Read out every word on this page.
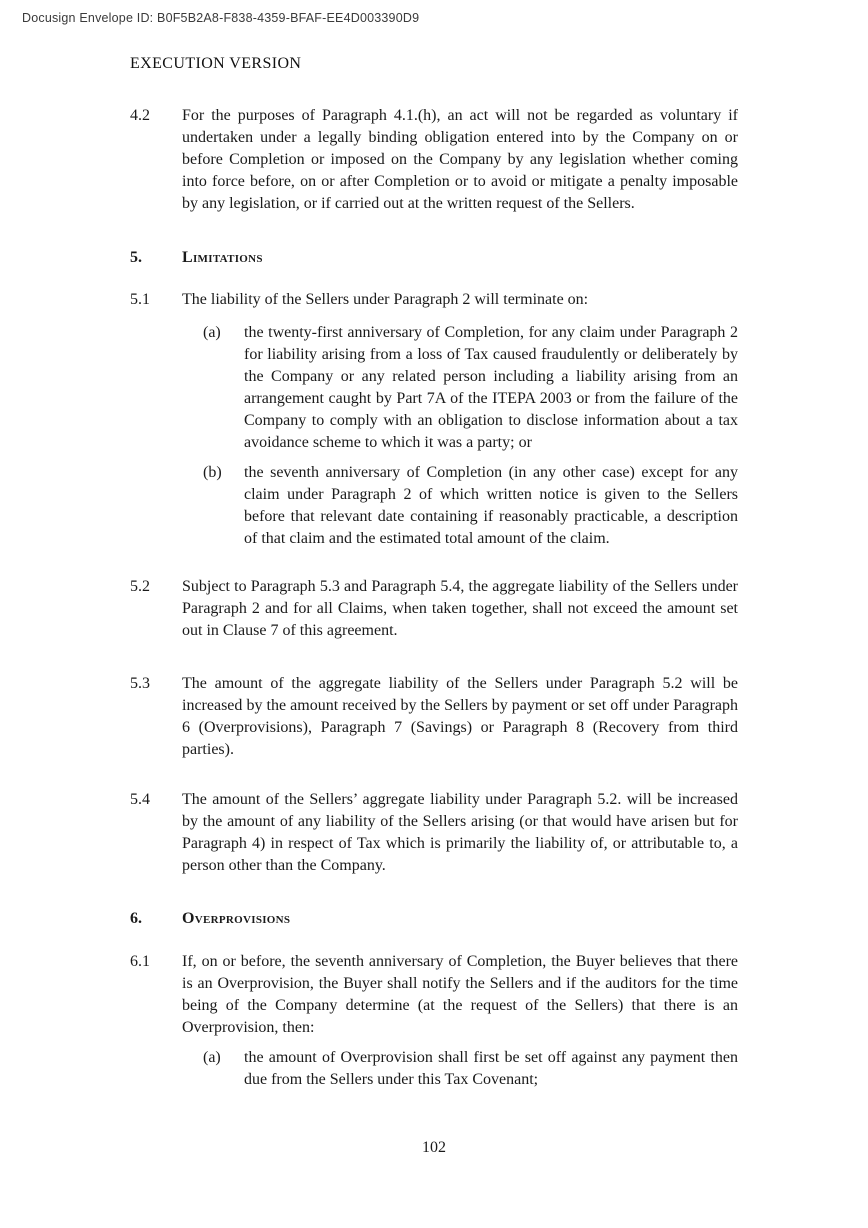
Docusign Envelope ID: B0F5B2A8-F838-4359-BFAF-EE4D003390D9
EXECUTION VERSION
4.2	For the purposes of Paragraph 4.1.(h), an act will not be regarded as voluntary if undertaken under a legally binding obligation entered into by the Company on or before Completion or imposed on the Company by any legislation whether coming into force before, on or after Completion or to avoid or mitigate a penalty imposable by any legislation, or if carried out at the written request of the Sellers.
5.	Limitations
5.1	The liability of the Sellers under Paragraph 2 will terminate on:
(a)	the twenty-first anniversary of Completion, for any claim under Paragraph 2 for liability arising from a loss of Tax caused fraudulently or deliberately by the Company or any related person including a liability arising from an arrangement caught by Part 7A of the ITEPA 2003 or from the failure of the Company to comply with an obligation to disclose information about a tax avoidance scheme to which it was a party; or
(b)	the seventh anniversary of Completion (in any other case) except for any claim under Paragraph 2 of which written notice is given to the Sellers before that relevant date containing if reasonably practicable, a description of that claim and the estimated total amount of the claim.
5.2	Subject to Paragraph 5.3 and Paragraph 5.4, the aggregate liability of the Sellers under Paragraph 2 and for all Claims, when taken together, shall not exceed the amount set out in Clause 7 of this agreement.
5.3	The amount of the aggregate liability of the Sellers under Paragraph 5.2 will be increased by the amount received by the Sellers by payment or set off under Paragraph 6 (Overprovisions), Paragraph 7 (Savings) or Paragraph 8 (Recovery from third parties).
5.4	The amount of the Sellers’ aggregate liability under Paragraph 5.2. will be increased by the amount of any liability of the Sellers arising (or that would have arisen but for Paragraph 4) in respect of Tax which is primarily the liability of, or attributable to, a person other than the Company.
6.	Overprovisions
6.1	If, on or before, the seventh anniversary of Completion, the Buyer believes that there is an Overprovision, the Buyer shall notify the Sellers and if the auditors for the time being of the Company determine (at the request of the Sellers) that there is an Overprovision, then:
(a)	the amount of Overprovision shall first be set off against any payment then due from the Sellers under this Tax Covenant;
102
